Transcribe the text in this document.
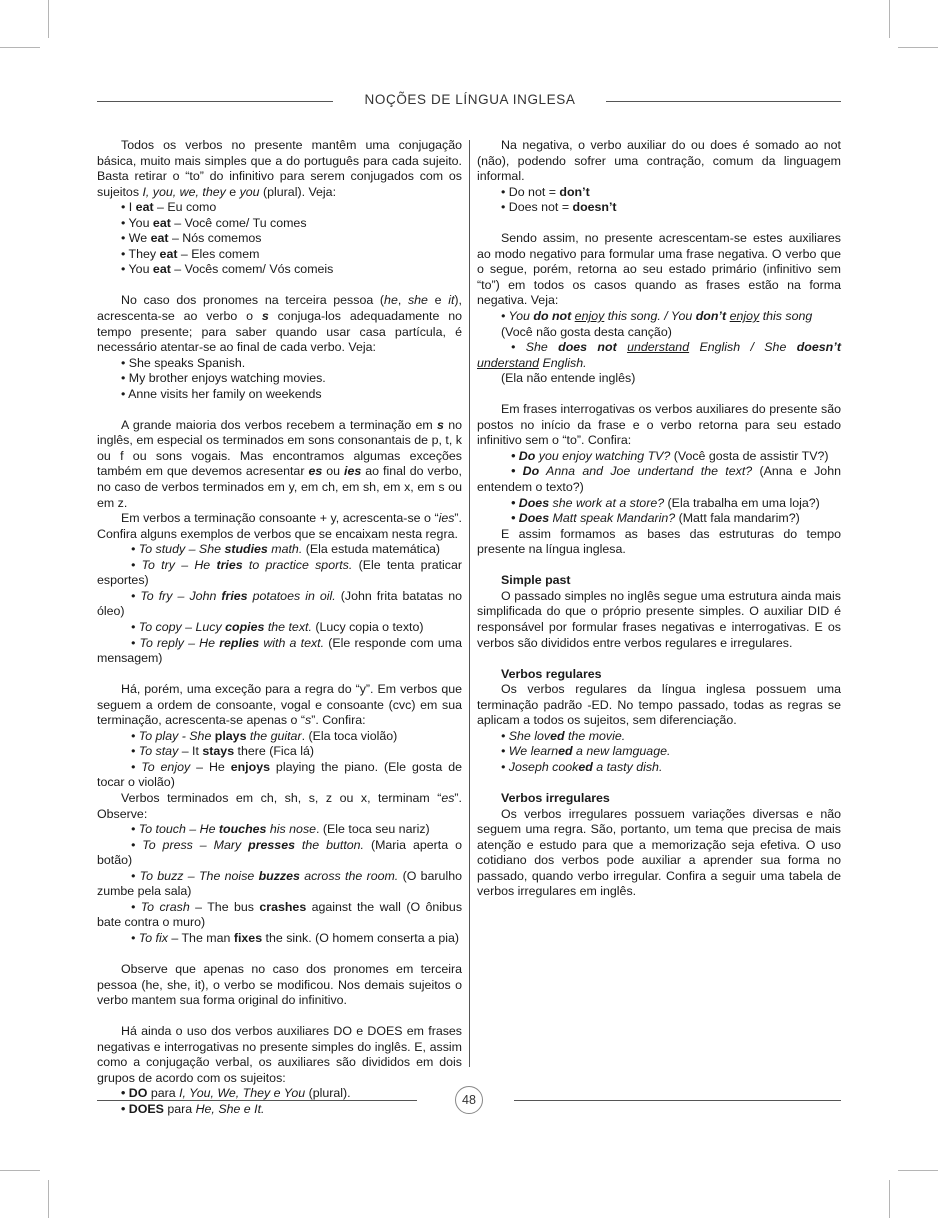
NOÇÕES DE LÍNGUA INGLESA

Todos os verbos no presente mantêm uma conjugação básica, muito mais simples que a do português para cada sujeito. Basta retirar o “to” do infinitivo para serem conjugados com os sujeitos I, you, we, they e you (plural). Veja:

• I eat – Eu como

• You eat – Você come/ Tu comes

• We eat – Nós comemos

• They eat – Eles comem

• You eat – Vocês comem/ Vós comeis

No caso dos pronomes na terceira pessoa (he, she e it), acrescenta-se ao verbo o s conjuga-los adequadamente no tempo presente; para saber quando usar casa partícula, é necessário atentar-se ao final de cada verbo. Veja:

• She speaks Spanish.

• My brother enjoys watching movies.

• Anne visits her family on weekends

A grande maioria dos verbos recebem a terminação em s no inglês, em especial os terminados em sons consonantais de p, t, k ou f ou sons vogais. Mas encontramos algumas exceções também em que devemos acresentar es ou ies ao final do verbo, no caso de verbos terminados em y, em ch, em sh, em x, em s ou em z.

Em verbos a terminação consoante + y, acrescenta-se o “ies”. Confira alguns exemplos de verbos que se encaixam nesta regra.

• To study – She studies math. (Ela estuda matemática)

• To try – He tries to practice sports. (Ele tenta praticar esportes)

• To fry – John fries potatoes in oil. (John frita batatas no óleo)

• To copy – Lucy copies the text. (Lucy copia o texto)

• To reply – He replies with a text. (Ele responde com uma mensagem)

Há, porém, uma exceção para a regra do “y”. Em verbos que seguem a ordem de consoante, vogal e consoante (cvc) em sua terminação, acrescenta-se apenas o “s”. Confira:

• To play - She plays the guitar. (Ela toca violão)

• To stay – It stays there (Fica lá)

• To enjoy – He enjoys playing the piano. (Ele gosta de tocar o violão)

Verbos terminados em ch, sh, s, z ou x, terminam “es”. Observe:

• To touch – He touches his nose. (Ele toca seu nariz)

• To press – Mary presses the button. (Maria aperta o botão)

• To buzz – The noise buzzes across the room. (O barulho zumbe pela sala)

• To crash – The bus crashes against the wall (O ônibus bate contra o muro)

• To fix – The man fixes the sink. (O homem conserta a pia)

Observe que apenas no caso dos pronomes em terceira pessoa (he, she, it), o verbo se modificou. Nos demais sujeitos o verbo mantem sua forma original do infinitivo.

Há ainda o uso dos verbos auxiliares DO e DOES em frases negativas e interrogativas no presente simples do inglês. E, assim como a conjugação verbal, os auxiliares são divididos em dois grupos de acordo com os sujeitos:

• DO para I, You, We, They e You (plural).

• DOES para He, She e It.

Na negativa, o verbo auxiliar do ou does é somado ao not (não), podendo sofrer uma contração, comum da linguagem informal.

• Do not = don’t

• Does not = doesn’t

Sendo assim, no presente acrescentam-se estes auxiliares ao modo negativo para formular uma frase negativa. O verbo que o segue, porém, retorna ao seu estado primário (infinitivo sem “to”) em todos os casos quando as frases estão na forma negativa. Veja:

• You do not enjoy this song. / You don’t enjoy this song

(Você não gosta desta canção)

• She does not understand English / She doesn’t understand English.

(Ela não entende inglês)

Em frases interrogativas os verbos auxiliares do presente são postos no início da frase e o verbo retorna para seu estado infinitivo sem o “to”. Confira:

• Do you enjoy watching TV? (Você gosta de assistir TV?)

• Do Anna and Joe undertand the text? (Anna e John entendem o texto?)

• Does she work at a store? (Ela trabalha em uma loja?)

• Does Matt speak Mandarin? (Matt fala mandarim?)

E assim formamos as bases das estruturas do tempo presente na língua inglesa.

Simple past

O passado simples no inglês segue uma estrutura ainda mais simplificada do que o próprio presente simples. O auxiliar DID é responsável por formular frases negativas e interrogativas. E os verbos são divididos entre verbos regulares e irregulares.

Verbos regulares

Os verbos regulares da língua inglesa possuem uma terminação padrão -ED. No tempo passado, todas as regras se aplicam a todos os sujeitos, sem diferenciação.

• She loved the movie.

• We learned a new lamguage.

• Joseph cooked a tasty dish.

Verbos irregulares

Os verbos irregulares possuem variações diversas e não seguem uma regra. São, portanto, um tema que precisa de mais atenção e estudo para que a memorização seja efetiva. O uso cotidiano dos verbos pode auxiliar a aprender sua forma no passado, quando verbo irregular. Confira a seguir uma tabela de verbos irregulares em inglês.

48
